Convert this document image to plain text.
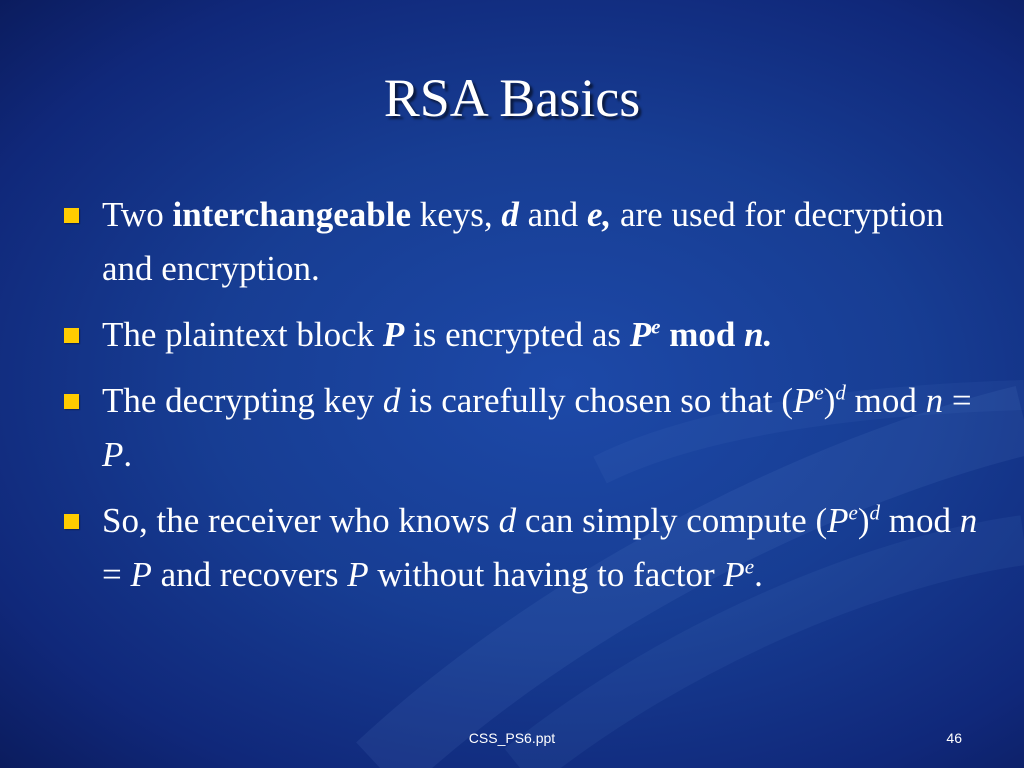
RSA Basics
Two interchangeable keys, d and e, are used for decryption and encryption.
The plaintext block P is encrypted as $P^e$ mod n.
The decrypting key d is carefully chosen so that $(P^e)^d$ mod n = P.
So, the receiver who knows d can simply compute $(P^e)^d$ mod n = P and recovers P without having to factor $P^e$.
CSS_PS6.ppt	46
